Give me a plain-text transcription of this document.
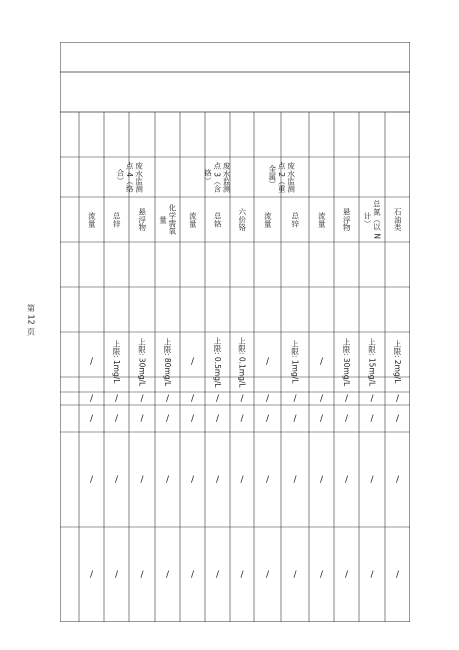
第 12 页
石油类
上限: 2mg/L
/
/
/
/
总氮（以 N
计）
上限: 15mg/L
/
/
/
/
悬浮物
上限: 30mg/L
/
/
/
/
流量
/
/
/
/
/
总锌
上限: 1mg/L
/
/
/
/
废水监测
点 2（重
金属）
流量
/
/
/
/
/
六价铬
上限: 0.1mg/L
/
/
/
/
废水监测
点 3（含
铬）
总铬
上限: 0.5mg/L
/
/
/
/
流量
/
/
/
/
/
化学需氧
量
上限: 80mg/L
/
/
/
/
废水监测
点 4（络
合）
悬浮物
上限: 30mg/L
/
/
/
/
总锌
上限: 1mg/L
/
/
/
/
流量
/
/
/
/
/
